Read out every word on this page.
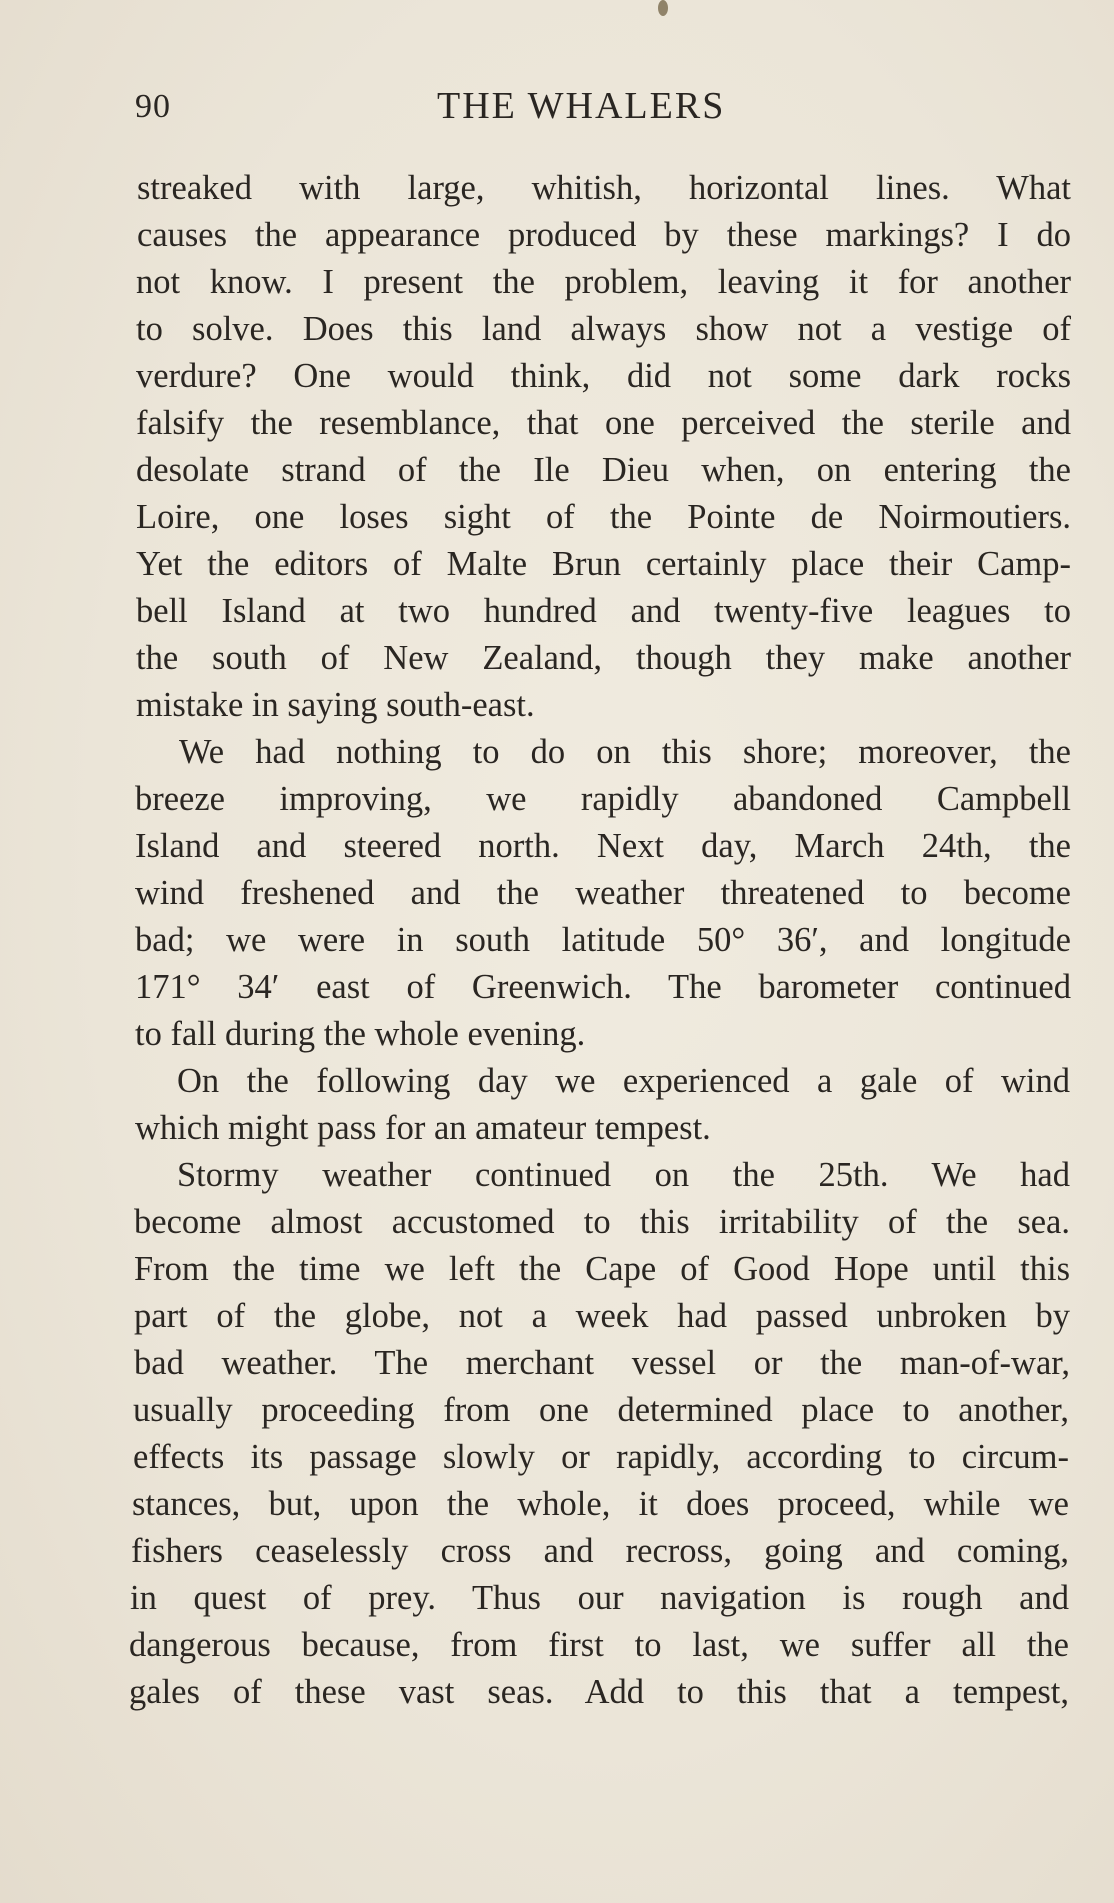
90	THE WHALERS
streaked with large, whitish, horizontal lines. What
causes the appearance produced by these markings? I do
not know. I present the problem, leaving it for another
to solve. Does this land always show not a vestige of
verdure? One would think, did not some dark rocks
falsify the resemblance, that one perceived the sterile and
desolate strand of the Ile Dieu when, on entering the
Loire, one loses sight of the Pointe de Noirmoutiers.
Yet the editors of Malte Brun certainly place their Camp-
bell Island at two hundred and twenty-five leagues to
the south of New Zealand, though they make another
mistake in saying south-east.
We had nothing to do on this shore; moreover, the
breeze improving, we rapidly abandoned Campbell
Island and steered north. Next day, March 24th, the
wind freshened and the weather threatened to become
bad; we were in south latitude 50° 36′, and longitude
171° 34′ east of Greenwich. The barometer continued
to fall during the whole evening.
On the following day we experienced a gale of wind
which might pass for an amateur tempest.
Stormy weather continued on the 25th. We had
become almost accustomed to this irritability of the sea.
From the time we left the Cape of Good Hope until this
part of the globe, not a week had passed unbroken by
bad weather. The merchant vessel or the man-of-war,
usually proceeding from one determined place to another,
effects its passage slowly or rapidly, according to circum-
stances, but, upon the whole, it does proceed, while we
fishers ceaselessly cross and recross, going and coming,
in quest of prey. Thus our navigation is rough and
dangerous because, from first to last, we suffer all the
gales of these vast seas. Add to this that a tempest,
